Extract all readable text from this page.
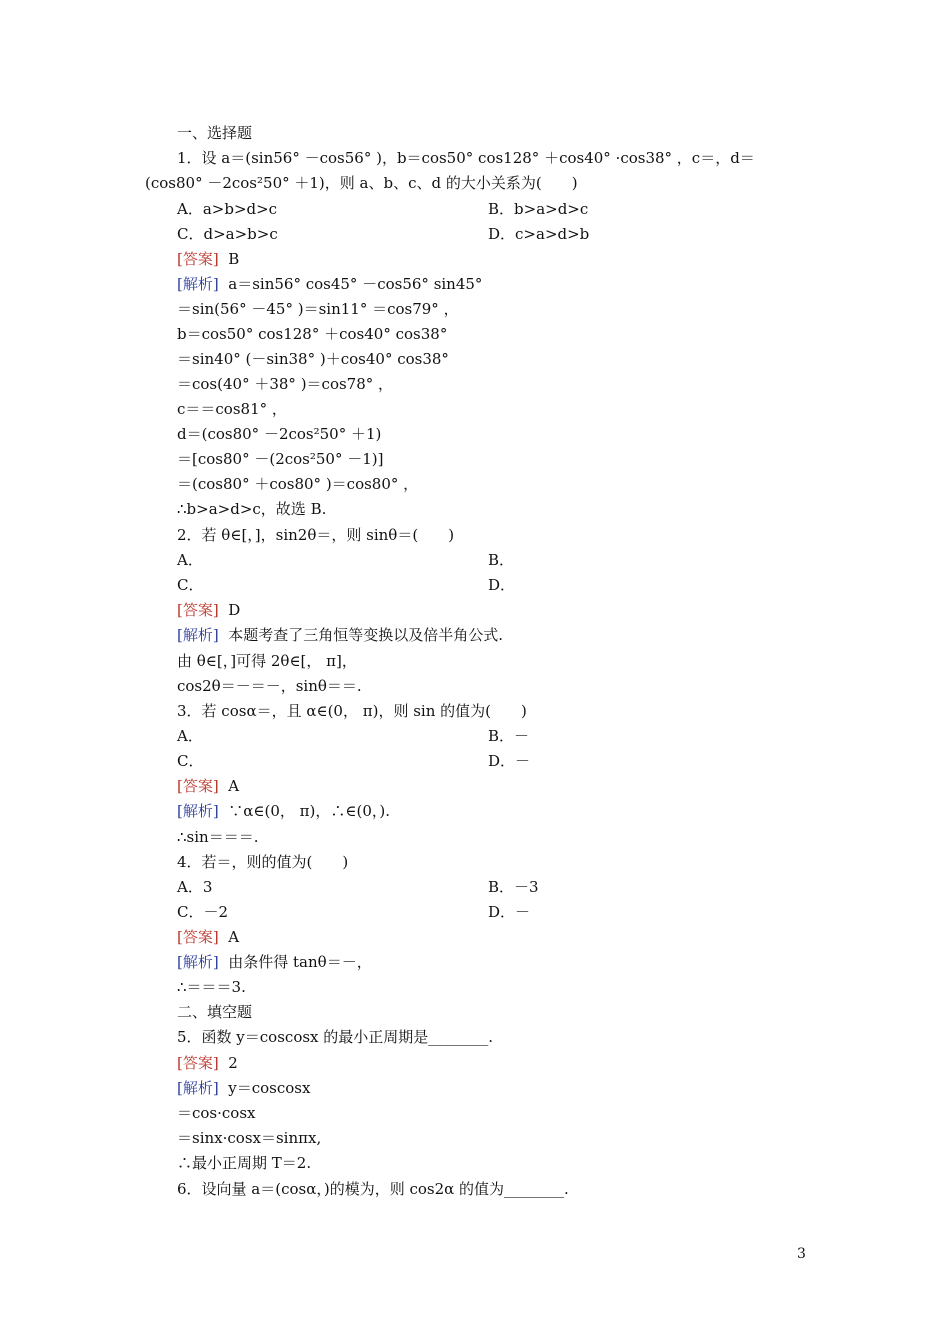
一、选择题
1．设 a＝(sin56° －cos56° )，b＝cos50° cos128° ＋cos40° ·cos38° ，c＝，d＝
(cos80° －2cos²50° ＋1)，则 a、b、c、d 的大小关系为(　　)
A．a>b>d>c	B．b>a>d>c
C．d>a>b>c	D．c>a>d>b
[答案] B
[解析] a＝sin56° cos45° －cos56° sin45°
＝sin(56° －45° )＝sin11° ＝cos79° ，
b＝cos50° cos128° ＋cos40° cos38°
＝sin40° (－sin38° )＋cos40° cos38°
＝cos(40° ＋38° )＝cos78° ，
c＝＝cos81° ，
d＝(cos80° －2cos²50° ＋1)
＝[cos80° －(2cos²50° －1)]
＝(cos80° ＋cos80° )＝cos80° ，
∴b>a>d>c，故选 B.
2．若 θ∈[，]，sin2θ＝，则 sinθ＝(　　)
A．	B．
C．	D．
[答案] D
[解析] 本题考查了三角恒等变换以及倍半角公式.
由 θ∈[，]可得 2θ∈[， π]，
cos2θ＝－＝－，sinθ＝＝.
3．若 cosα＝，且 α∈(0， π)，则 sin 的值为(　　)
A．	B．－
C．	D．－
[答案] A
[解析] ∵α∈(0， π)，∴∈(0，).
∴sin＝＝＝.
4．若＝，则的值为(　　)
A．3	B．－3
C．－2	D．－
[答案] A
[解析] 由条件得 tanθ＝－，
∴＝＝＝3.
二、填空题
5．函数 y＝coscosx 的最小正周期是________.
[答案] 2
[解析] y＝coscosx
＝cos·cosx
＝sinx·cosx＝sinπx,
∴最小正周期 T＝2.
6．设向量 a＝(cosα，)的模为，则 cos2α 的值为________.
3
